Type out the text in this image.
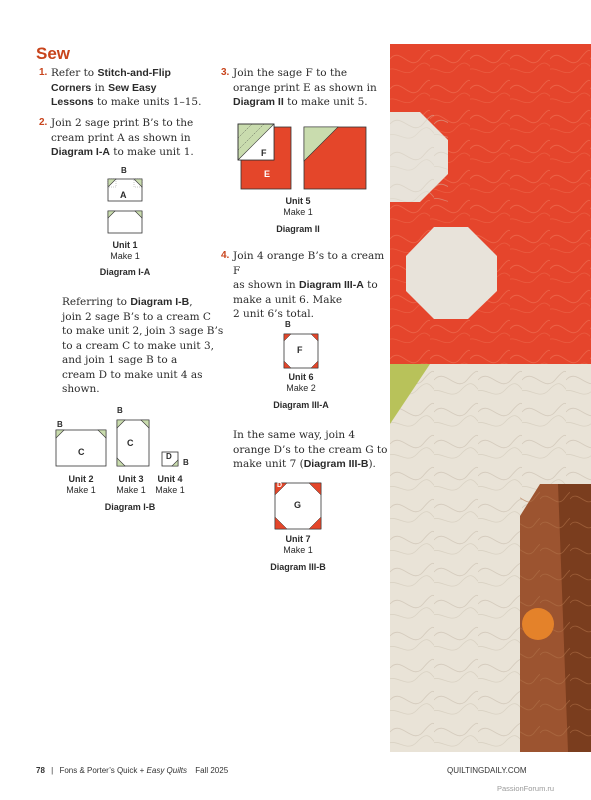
Sew
1. Refer to Stitch-and-Flip

Corners in Sew Easy

Lessons to make units 1–15.

2. Join 2 sage print B’s to the

cream print A as shown in

Diagram I-A to make unit 1.

B
A
Unit 1
Make 1
Diagram I-A

Referring to Diagram I-B,

join 2 sage B’s to a cream C

to make unit 2, join 3 sage B’s

to a cream C to make unit 3,

and join 1 sage B to a

cream D to make unit 4 as

shown.

B
C
B
C
D
B
Unit 2
Make 1
Unit 3
Make 1
Unit 4
Make 1
Diagram I-B
3. Join the sage F to the

orange print E as shown in

Diagram II to make unit 5.

F
E
Unit 5
Make 1
Diagram II
4. Join 4 orange B’s to a cream F

as shown in Diagram III-A to

make a unit 6. Make

2 unit 6’s total.

B
F
Unit 6
Make 2
Diagram III-A

In the same way, join 4

orange D’s to the cream G to

make unit 7 (Diagram III-B).

D
G
Unit 7
Make 1
Diagram III-B
78 | Fons & Porter’s Quick + Easy Quilts Fall 2025	QUILTINGDAILY.COM
PassionForum.ru
